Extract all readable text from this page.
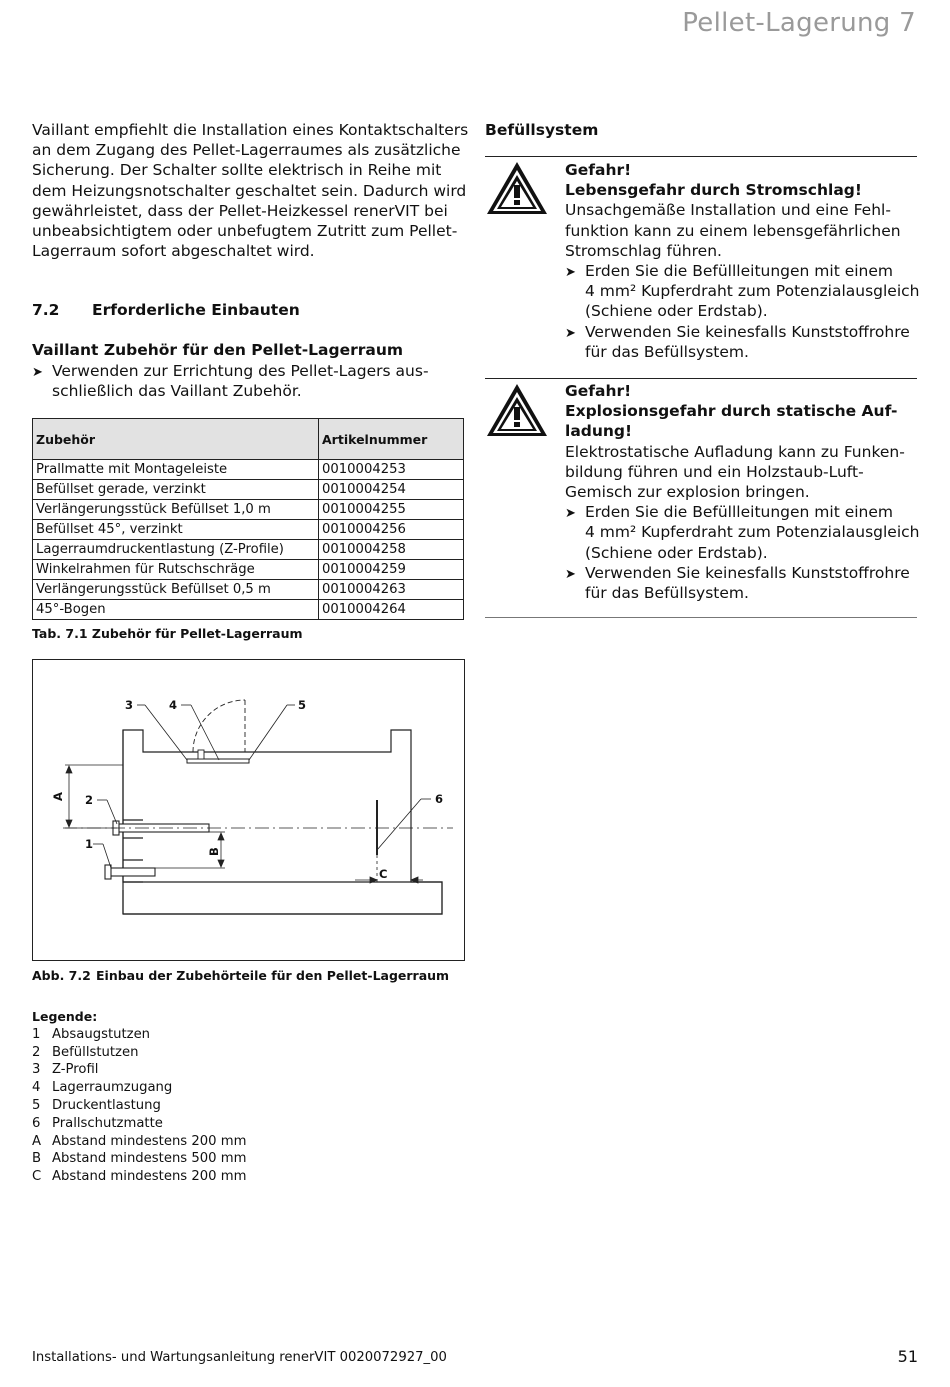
Pellet-Lagerung 7
Vaillant empfiehlt die Installation eines Kontaktschalters
an dem Zugang des Pellet-Lagerraumes als zusätzliche
Sicherung. Der Schalter sollte elektrisch in Reihe mit
dem Heizungsnotschalter geschaltet sein. Dadurch wird
gewährleistet, dass der Pellet-Heizkessel renerVIT bei
unbeabsichtigtem oder unbefugtem Zutritt zum Pellet-
Lagerraum sofort abgeschaltet wird.
7.2 Erforderliche Einbauten
Vaillant Zubehör für den Pellet-Lagerraum
➤ Verwenden zur Errichtung des Pellet-Lagers aus-
schließlich das Vaillant Zubehör.
Zubehör	Artikelnummer
Prallmatte mit Montageleiste	0010004253
Befüllset gerade, verzinkt	0010004254
Verlängerungsstück Befüllset 1,0 m	0010004255
Befüllset 45°, verzinkt	0010004256
Lagerraumdruckentlastung (Z-Profile)	0010004258
Winkelrahmen für Rutschschräge	0010004259
Verlängerungsstück Befüllset 0,5 m	0010004263
45°-Bogen	0010004264
Tab. 7.1 Zubehör für Pellet-Lagerraum
3	4	5
6
2
1
C
A
B
Abb. 7.2 Einbau der Zubehörteile für den Pellet-Lagerraum
Legende:
1 Absaugstutzen
2 Befüllstutzen
3 Z-Profil
4 Lagerraumzugang
5 Druckentlastung
6 Prallschutzmatte
A Abstand mindestens 200 mm
B Abstand mindestens 500 mm
C Abstand mindestens 200 mm
Befüllsystem
Gefahr!
Lebensgefahr durch Stromschlag!
Unsachgemäße Installation und eine Fehl-
funktion kann zu einem lebensgefährlichen
Stromschlag führen.
➤ Erden Sie die Befüllleitungen mit einem
4 mm² Kupferdraht zum Potenzialausgleich
(Schiene oder Erdstab).
➤ Verwenden Sie keinesfalls Kunststoffrohre
für das Befüllsystem.
Gefahr!
Explosionsgefahr durch statische Auf-
ladung!
Elektrostatische Aufladung kann zu Funken-
bildung führen und ein Holzstaub-Luft-
Gemisch zur explosion bringen.
➤ Erden Sie die Befüllleitungen mit einem
4 mm² Kupferdraht zum Potenzialausgleich
(Schiene oder Erdstab).
➤ Verwenden Sie keinesfalls Kunststoffrohre
für das Befüllsystem.
Installations- und Wartungsanleitung renerVIT 0020072927_00	51
